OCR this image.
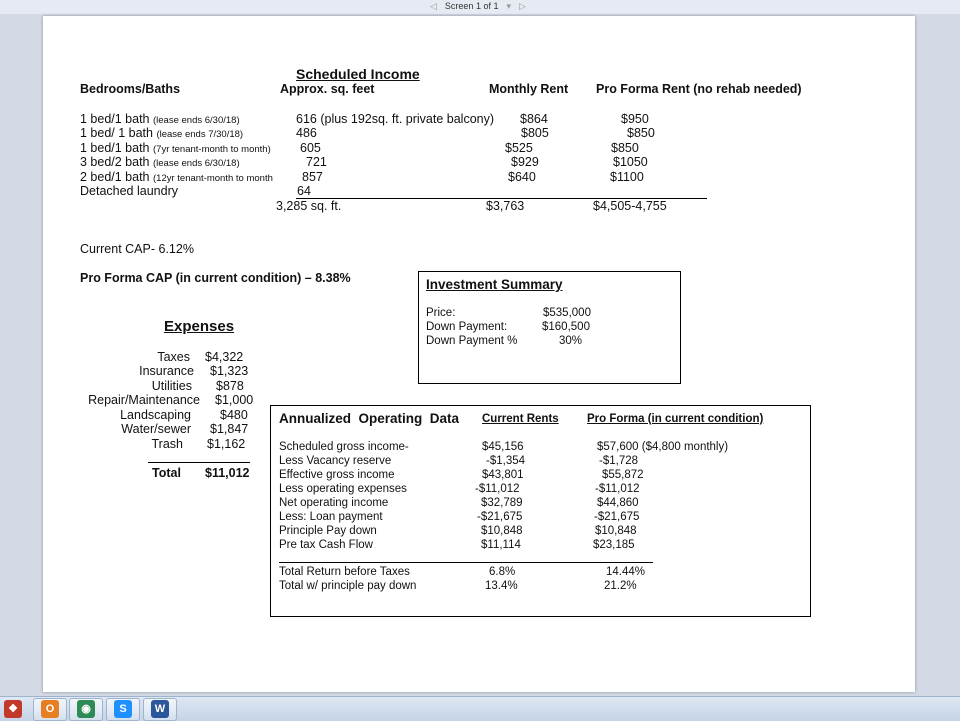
◁ Screen 1 of 1 ▾ ▷
Scheduled Income
Bedrooms/Baths	Approx. sq. feet	Monthly Rent Pro Forma Rent (no rehab needed)
1 bed/1 bath (lease ends 6/30/18)	616 (plus 192sq. ft. private balcony) $864	$950
1 bed/ 1 bath (lease ends 7/30/18)	486	$805	$850
1 bed/1 bath (7yr tenant-month to month) 605	$525	$850
3 bed/2 bath (lease ends 6/30/18)	721	$929	$1050
2 bed/1 bath (12yr tenant-month to month 857	$640	$1100
Detached laundry	64
3,285 sq. ft.	$3,763	$4,505-4,755
Current CAP- 6.12%
Pro Forma CAP (in current condition) – 8.38%	Investment Summary
Price:	$535,000
Down Payment:	$160,500
Down Payment %	30%
Expenses
Taxes $4,322
Insurance $1,323
Utilities $878
Repair/Maintenance $1,000
Landscaping $480
Water/sewer $1,847
Trash $1,162
Total $11,012
Annualized  Operating  Data Current Rents Pro Forma (in current condition)
Scheduled gross income-	$45,156	$57,600 ($4,800 monthly)
Less Vacancy reserve	-$1,354	-$1,728
Effective gross income	$43,801	$55,872
Less operating expenses	-$11,012	-$11,012
Net operating income	$32,789	$44,860
Less: Loan payment	-$21,675	-$21,675
Principle Pay down	$10,848	$10,848
Pre tax Cash Flow	$11,114	$23,185
Total Return before Taxes	6.8%	14.44%
Total w/ principle pay down	13.4%	21.2%
❖	O	◉	S	W
